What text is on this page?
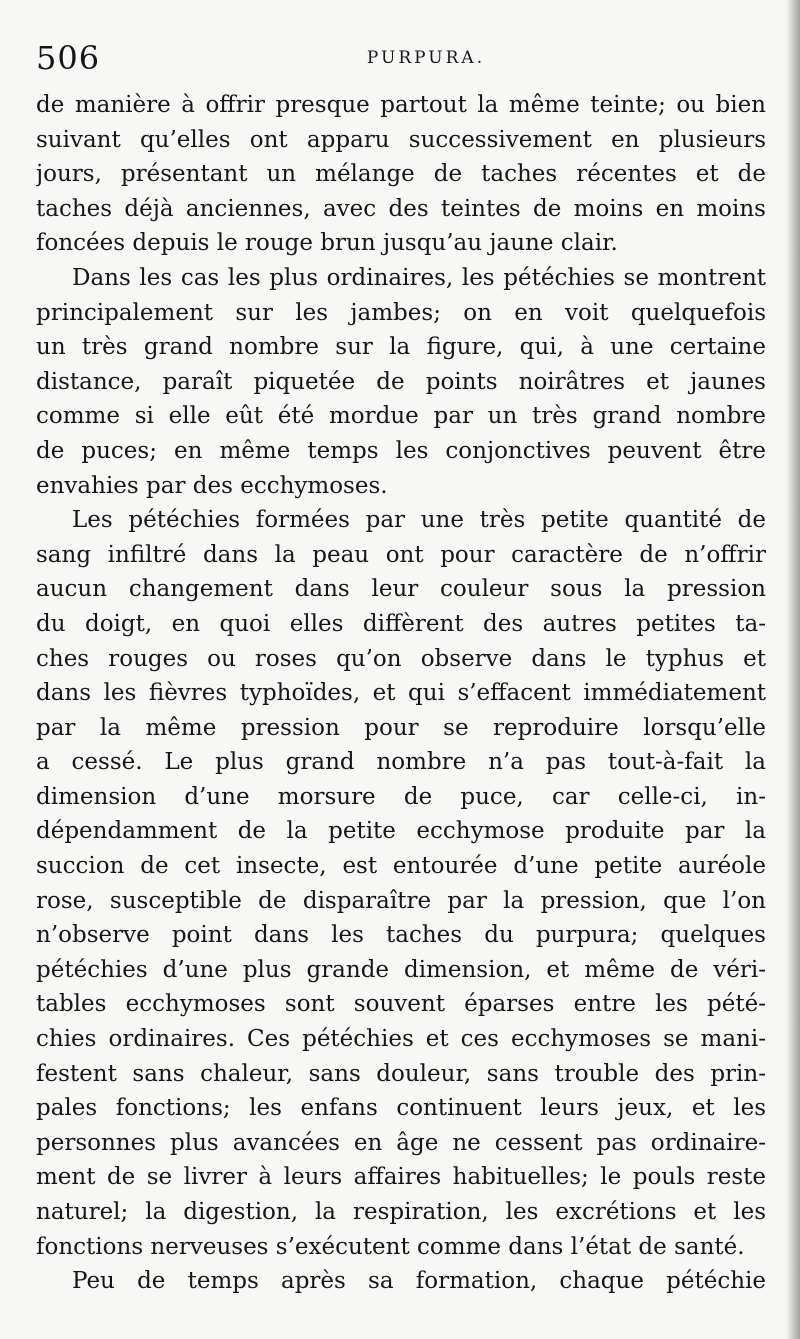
506	PURPURA.
de manière à offrir presque partout la même teinte; ou bien
suivant qu’elles ont apparu successivement en plusieurs
jours, présentant un mélange de taches récentes et de
taches déjà anciennes, avec des teintes de moins en moins
foncées depuis le rouge brun jusqu’au jaune clair.
Dans les cas les plus ordinaires, les pétéchies se montrent
principalement sur les jambes; on en voit quelquefois
un très grand nombre sur la figure, qui, à une certaine
distance, paraît piquetée de points noirâtres et jaunes
comme si elle eût été mordue par un très grand nombre
de puces; en même temps les conjonctives peuvent être
envahies par des ecchymoses.
Les pétéchies formées par une très petite quantité de
sang infiltré dans la peau ont pour caractère de n’offrir
aucun changement dans leur couleur sous la pression
du doigt, en quoi elles diffèrent des autres petites ta-
ches rouges ou roses qu’on observe dans le typhus et
dans les fièvres typhoïdes, et qui s’effacent immédiatement
par la même pression pour se reproduire lorsqu’elle
a cessé. Le plus grand nombre n’a pas tout-à-fait la
dimension d’une morsure de puce, car celle-ci, in-
dépendamment de la petite ecchymose produite par la
succion de cet insecte, est entourée d’une petite auréole
rose, susceptible de disparaître par la pression, que l’on
n’observe point dans les taches du purpura; quelques
pétéchies d’une plus grande dimension, et même de véri-
tables ecchymoses sont souvent éparses entre les pété-
chies ordinaires. Ces pétéchies et ces ecchymoses se mani-
festent sans chaleur, sans douleur, sans trouble des prin-
pales fonctions; les enfans continuent leurs jeux, et les
personnes plus avancées en âge ne cessent pas ordinaire-
ment de se livrer à leurs affaires habituelles; le pouls reste
naturel; la digestion, la respiration, les excrétions et les
fonctions nerveuses s’exécutent comme dans l’état de santé.
Peu de temps après sa formation, chaque pétéchie
